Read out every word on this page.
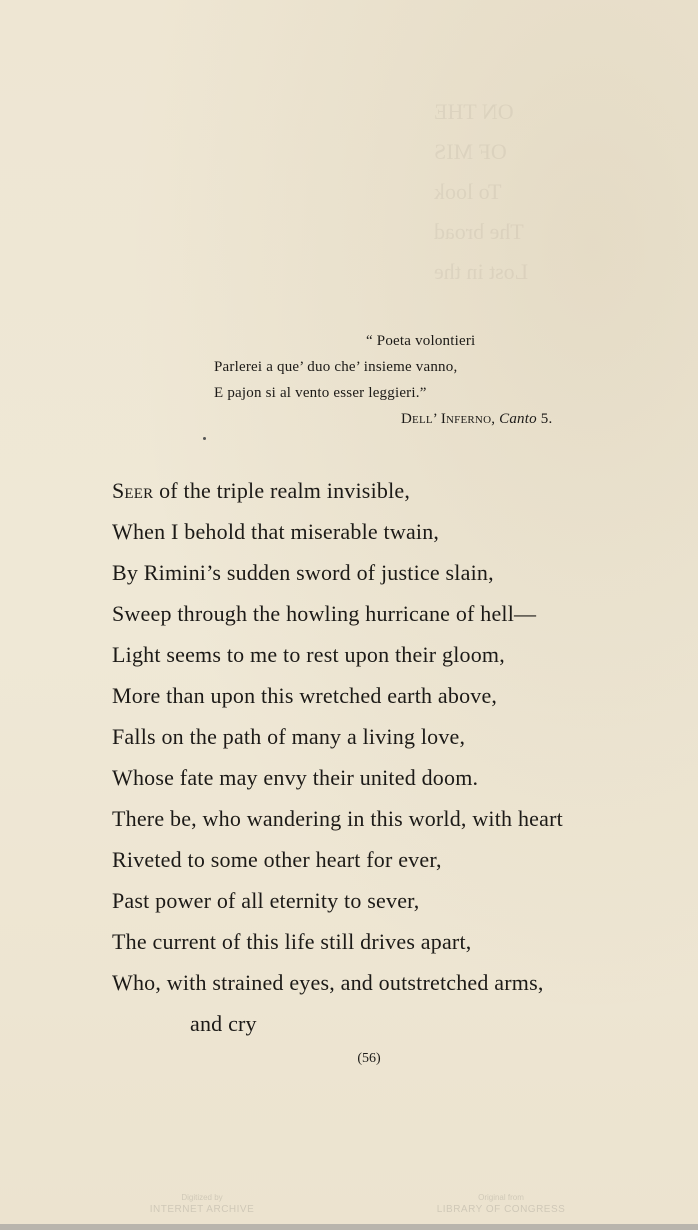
ON THE
OF MIS
To look
The broad
Lost in the
“ Poeta volontieri
Parlerei a que’ duo che’ insieme vanno,
E pajon si al vento esser leggieri.”
Dell’ Inferno, Canto 5.
Seer of the triple realm invisible,
When I behold that miserable twain,
By Rimini’s sudden sword of justice slain,
Sweep through the howling hurricane of hell—
Light seems to me to rest upon their gloom,
More than upon this wretched earth above,
Falls on the path of many a living love,
Whose fate may envy their united doom.
There be, who wandering in this world, with heart
Riveted to some other heart for ever,
Past power of all eternity to sever,
The current of this life still drives apart,
Who, with strained eyes, and outstretched arms,
and cry
(56)
Digitized by
INTERNET ARCHIVE
Original from
LIBRARY OF CONGRESS
